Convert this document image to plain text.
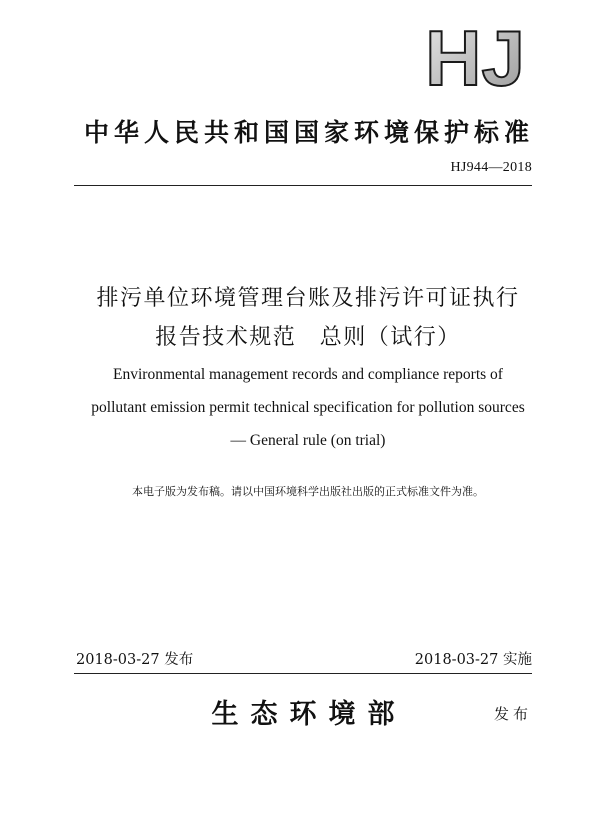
HJ
中华人民共和国国家环境保护标准
HJ944—2018
排污单位环境管理台账及排污许可证执行
报告技术规范　总则（试行）
Environmental management records and compliance reports of
pollutant emission permit technical specification for pollution sources
— General rule (on trial)
本电子版为发布稿。请以中国环境科学出版社出版的正式标准文件为准。
2018-03-27 发布	2018-03-27 实施
生态环境部	发布
